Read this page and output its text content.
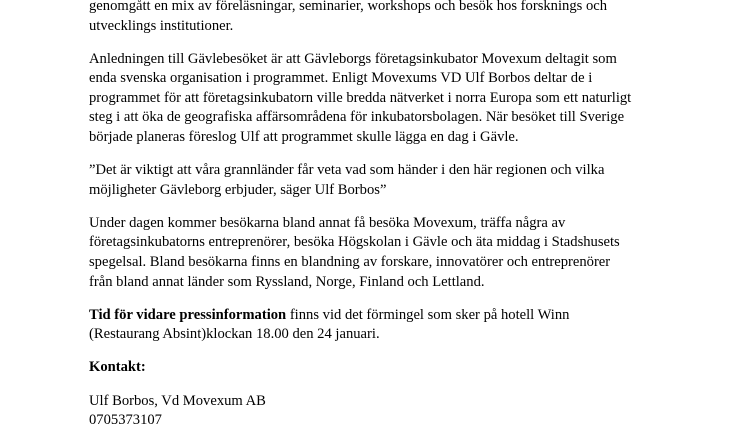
genomgått en mix av föreläsningar, seminarier, workshops och besök hos forsknings och
utvecklings institutioner.

Anledningen till Gävlebesöket är att Gävleborgs företagsinkubator Movexum deltagit som
enda svenska organisation i programmet. Enligt Movexums VD Ulf Borbos deltar de i
programmet för att företagsinkubatorn ville bredda nätverket i norra Europa som ett naturligt
steg i att öka de geografiska affärsområdena för inkubatorsbolagen. När besöket till Sverige
började planeras föreslog Ulf att programmet skulle lägga en dag i Gävle.

”Det är viktigt att våra grannländer får veta vad som händer i den här regionen och vilka
möjligheter Gävleborg erbjuder, säger Ulf Borbos”

Under dagen kommer besökarna bland annat få besöka Movexum, träffa några av
företagsinkubatorns entreprenörer, besöka Högskolan i Gävle och äta middag i Stadshusets
spegelsal. Bland besökarna finns en blandning av forskare, innovatörer och entreprenörer
från bland annat länder som Ryssland, Norge, Finland och Lettland.

Tid för vidare pressinformation finns vid det förmingel som sker på hotell Winn
(Restaurang Absint)klockan 18.00 den 24 januari.

Kontakt:

Ulf Borbos, Vd Movexum AB
0705373107
